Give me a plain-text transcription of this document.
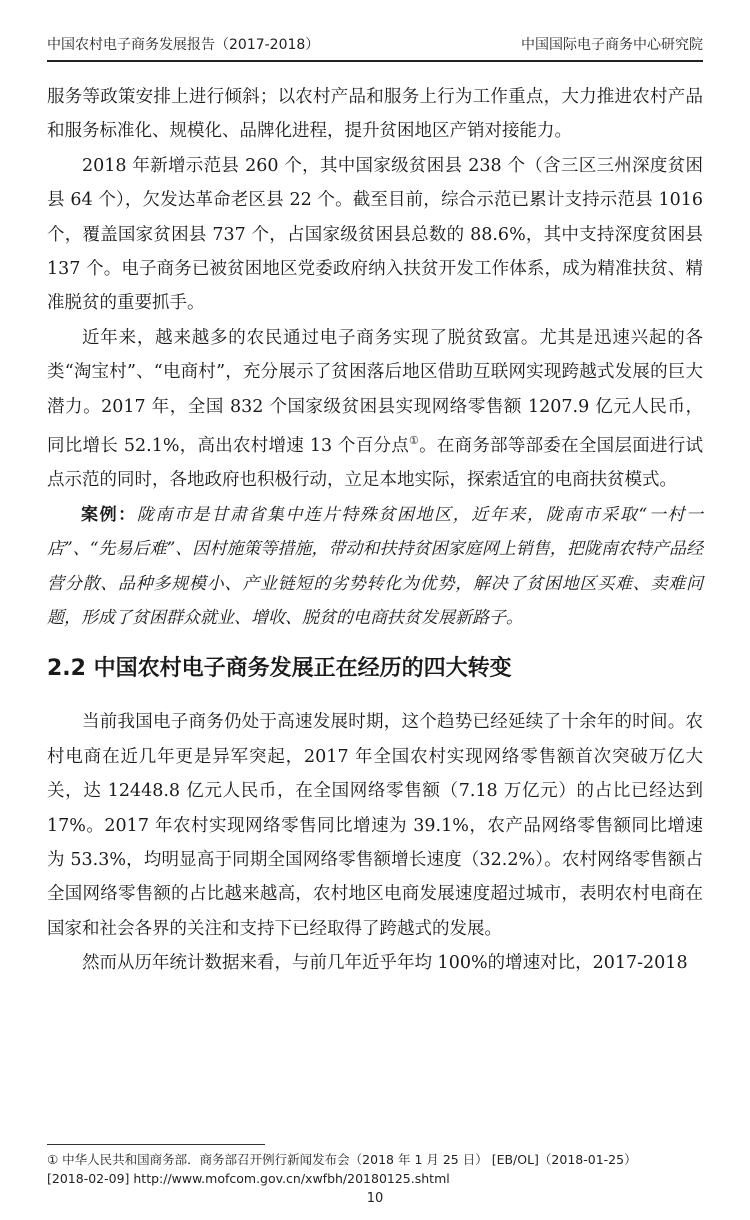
中国农村电子商务发展报告（2017-2018）	中国国际电子商务中心研究院

服务等政策安排上进行倾斜；以农村产品和服务上行为工作重点，大力推进农村产品和服务标准化、规模化、品牌化进程，提升贫困地区产销对接能力。

2018 年新增示范县 260 个，其中国家级贫困县 238 个（含三区三州深度贫困县 64 个），欠发达革命老区县 22 个。截至目前，综合示范已累计支持示范县 1016 个，覆盖国家贫困县 737 个，占国家级贫困县总数的 88.6%，其中支持深度贫困县 137 个。电子商务已被贫困地区党委政府纳入扶贫开发工作体系，成为精准扶贫、精准脱贫的重要抓手。

近年来，越来越多的农民通过电子商务实现了脱贫致富。尤其是迅速兴起的各类“淘宝村”、“电商村”，充分展示了贫困落后地区借助互联网实现跨越式发展的巨大潜力。2017 年，全国 832 个国家级贫困县实现网络零售额 1207.9 亿元人民币，同比增长 52.1%，高出农村增速 13 个百分点①。在商务部等部委在全国层面进行试点示范的同时，各地政府也积极行动，立足本地实际，探索适宜的电商扶贫模式。

案例：陇南市是甘肃省集中连片特殊贫困地区，近年来，陇南市采取“一村一店”、“先易后难”、因村施策等措施，带动和扶持贫困家庭网上销售，把陇南农特产品经营分散、品种多规模小、产业链短的劣势转化为优势，解决了贫困地区买难、卖难问题，形成了贫困群众就业、增收、脱贫的电商扶贫发展新路子。

2.2 中国农村电子商务发展正在经历的四大转变

当前我国电子商务仍处于高速发展时期，这个趋势已经延续了十余年的时间。农村电商在近几年更是异军突起，2017 年全国农村实现网络零售额首次突破万亿大关，达 12448.8 亿元人民币，在全国网络零售额（7.18 万亿元）的占比已经达到 17%。2017 年农村实现网络零售同比增速为 39.1%，农产品网络零售额同比增速为 53.3%，均明显高于同期全国网络零售额增长速度（32.2%）。农村网络零售额占全国网络零售额的占比越来越高，农村地区电商发展速度超过城市，表明农村电商在国家和社会各界的关注和支持下已经取得了跨越式的发展。

然而从历年统计数据来看，与前几年近乎年均 100%的增速对比，2017-2018

① 中华人民共和国商务部．商务部召开例行新闻发布会（2018 年 1 月 25 日） [EB/OL]（2018-01-25）
[2018-02-09] http://www.mofcom.gov.cn/xwfbh/20180125.shtml
10
